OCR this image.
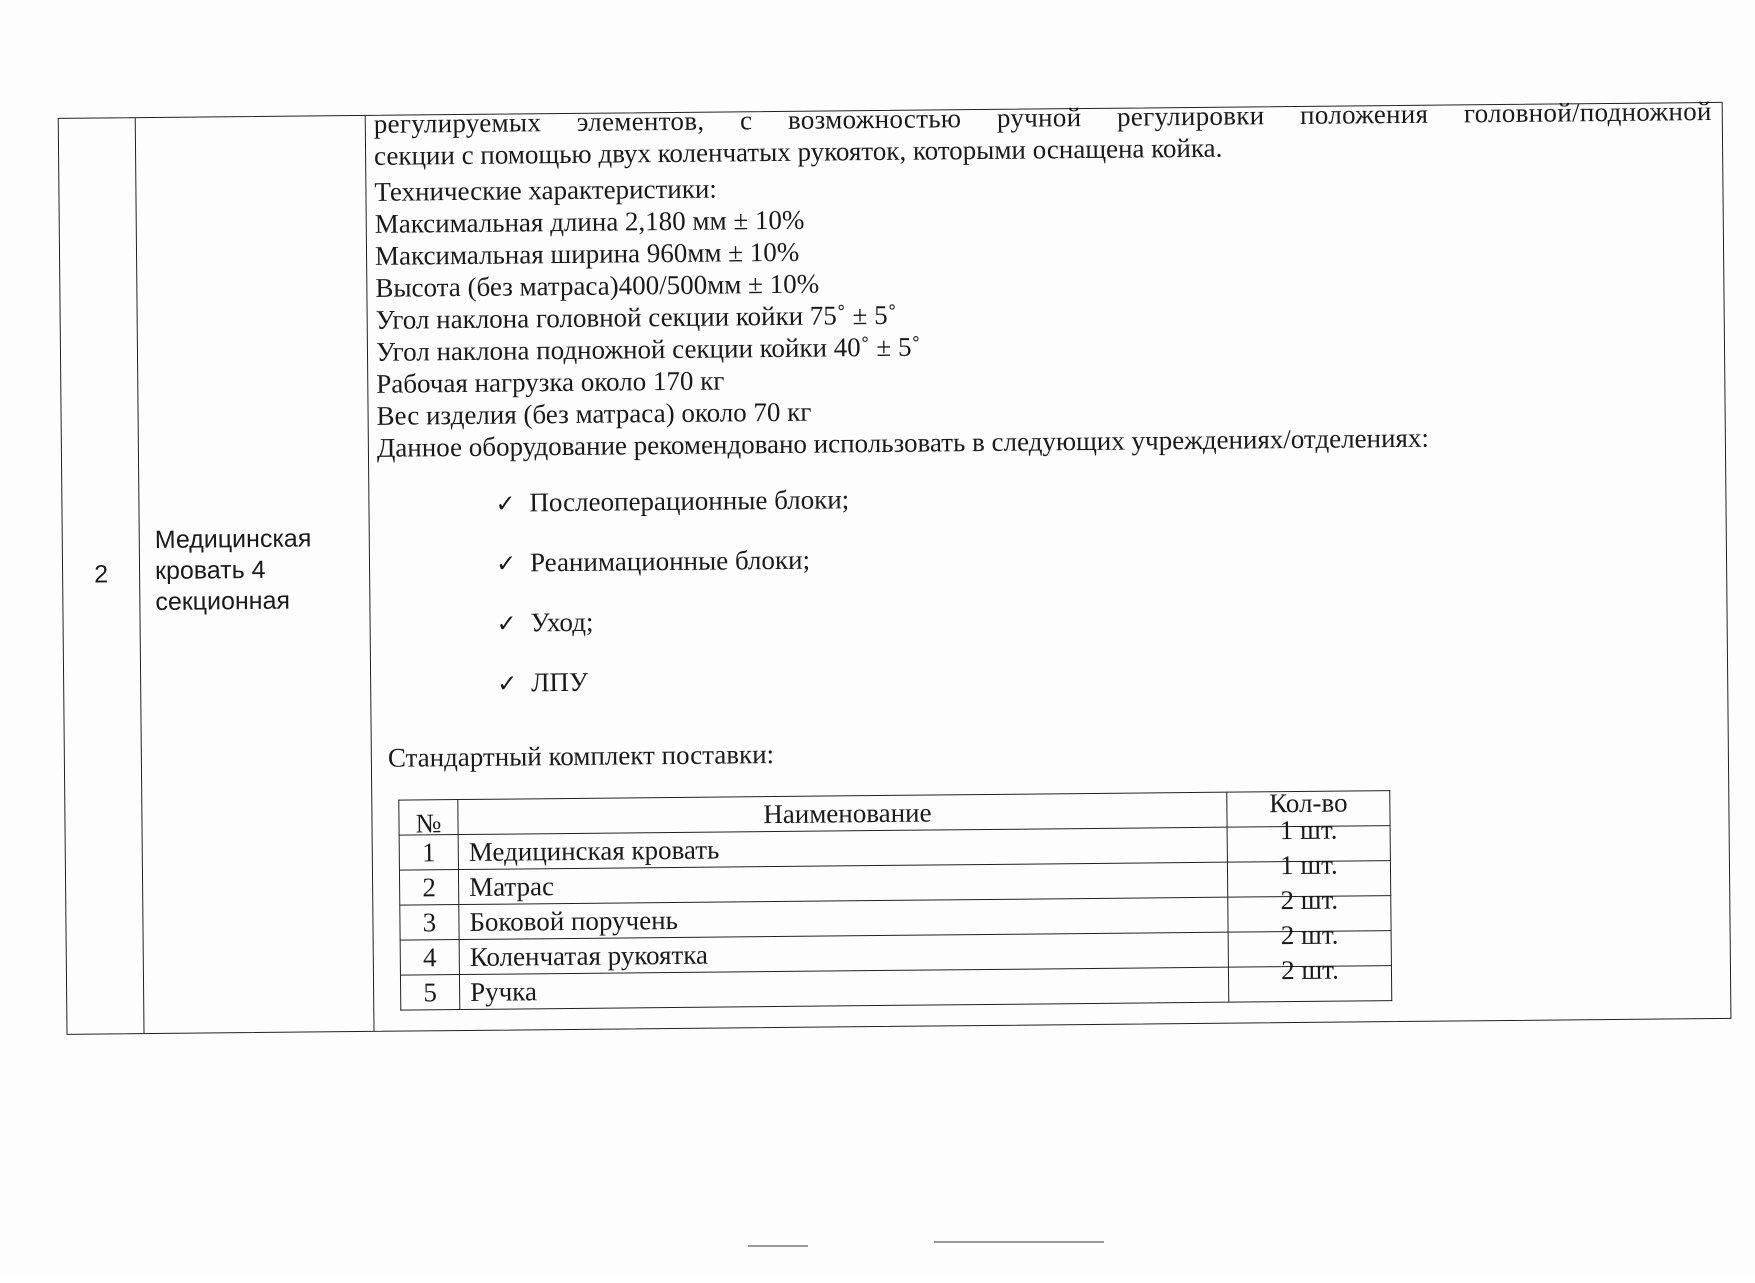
2
Медицинская
кровать 4
секционная

регулируемых элементов, с возможностью ручной регулировки положения головной/подножной

секции с помощью двух коленчатых рукояток, которыми оснащена койка.

Технические характеристики:
Максимальная длина 2,180 мм ± 10%
Максимальная ширина 960мм ± 10%
Высота (без матраса)400/500мм ± 10%
Угол наклона головной секции койки 75˚ ± 5˚
Угол наклона подножной секции койки 40˚ ± 5˚
Рабочая нагрузка около 170 кг
Вес изделия (без матраса) около 70 кг
Данное оборудование рекомендовано использовать в следующих учреждениях/отделениях:
✓ Послеоперационные блоки;
✓ Реанимационные блоки;
✓ Уход;
✓ ЛПУ

Стандартный комплект поставки:

№	Наименование	Кол-во
1	Медицинская кровать	1 шт.
2	Матрас	1 шт.
3	Боковой поручень	2 шт.
4	Коленчатая рукоятка	2 шт.
5	Ручка	2 шт.
